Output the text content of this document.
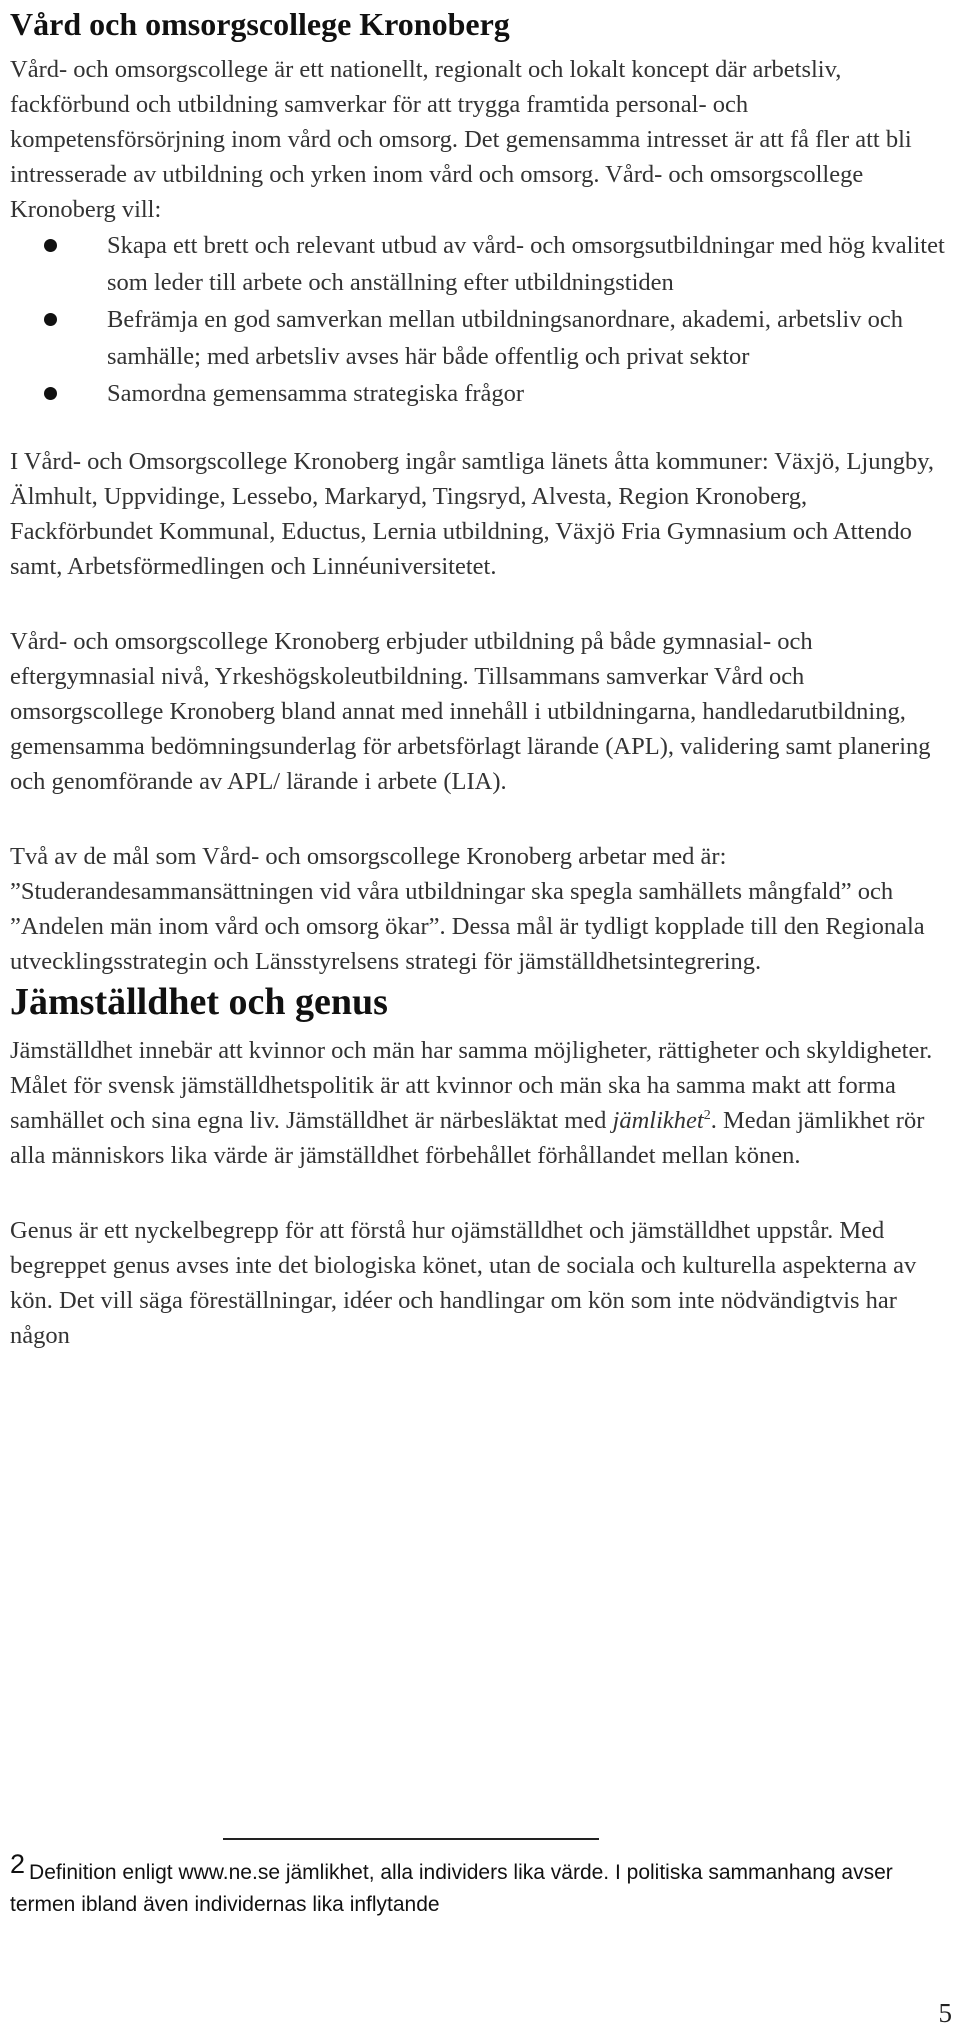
Vård och omsorgscollege Kronoberg

Vård- och omsorgscollege är ett nationellt, regionalt och lokalt koncept där arbetsliv, fackförbund och utbildning samverkar för att trygga framtida personal- och kompetensförsörjning inom vård och omsorg. Det gemensamma intresset är att få fler att bli intresserade av utbildning och yrken inom vård och omsorg. Vård- och omsorgscollege Kronoberg vill:

Skapa ett brett och relevant utbud av vård- och omsorgsutbildningar med hög kvalitet som leder till arbete och anställning efter utbildningstiden
Befrämja en god samverkan mellan utbildningsanordnare, akademi, arbetsliv och samhälle; med arbetsliv avses här både offentlig och privat sektor
Samordna gemensamma strategiska frågor

I Vård- och Omsorgscollege Kronoberg ingår samtliga länets åtta kommuner: Växjö, Ljungby, Älmhult, Uppvidinge, Lessebo, Markaryd, Tingsryd, Alvesta, Region Kronoberg, Fackförbundet Kommunal, Eductus, Lernia utbildning, Växjö Fria Gymnasium och Attendo samt, Arbetsförmedlingen och Linnéuniversitetet.

Vård- och omsorgscollege Kronoberg erbjuder utbildning på både gymnasial- och eftergymnasial nivå, Yrkeshögskoleutbildning. Tillsammans samverkar Vård och omsorgscollege Kronoberg bland annat med innehåll i utbildningarna, handledarutbildning, gemensamma bedömningsunderlag för arbetsförlagt lärande (APL), validering samt planering och genomförande av APL/ lärande i arbete (LIA).

Två av de mål som Vård- och omsorgscollege Kronoberg arbetar med är: ”Studerandesammansättningen vid våra utbildningar ska spegla samhällets mångfald” och ”Andelen män inom vård och omsorg ökar”. Dessa mål är tydligt kopplade till den Regionala utvecklingsstrategin och Länsstyrelsens strategi för jämställdhetsintegrering.

Jämställdhet och genus

Jämställdhet innebär att kvinnor och män har samma möjligheter, rättigheter och skyldigheter. Målet för svensk jämställdhetspolitik är att kvinnor och män ska ha samma makt att forma samhället och sina egna liv. Jämställdhet är närbesläktat med jämlikhet$^2$. Medan jämlikhet rör alla människors lika värde är jämställdhet förbehållet förhållandet mellan könen.

Genus är ett nyckelbegrepp för att förstå hur ojämställdhet och jämställdhet uppstår. Med begreppet genus avses inte det biologiska könet, utan de sociala och kulturella aspekterna av kön. Det vill säga föreställningar, idéer och handlingar om kön som inte nödvändigtvis har någon

2 Definition enligt www.ne.se jämlikhet, alla individers lika värde. I politiska sammanhang avser termen ibland även individernas lika inflytande
5
